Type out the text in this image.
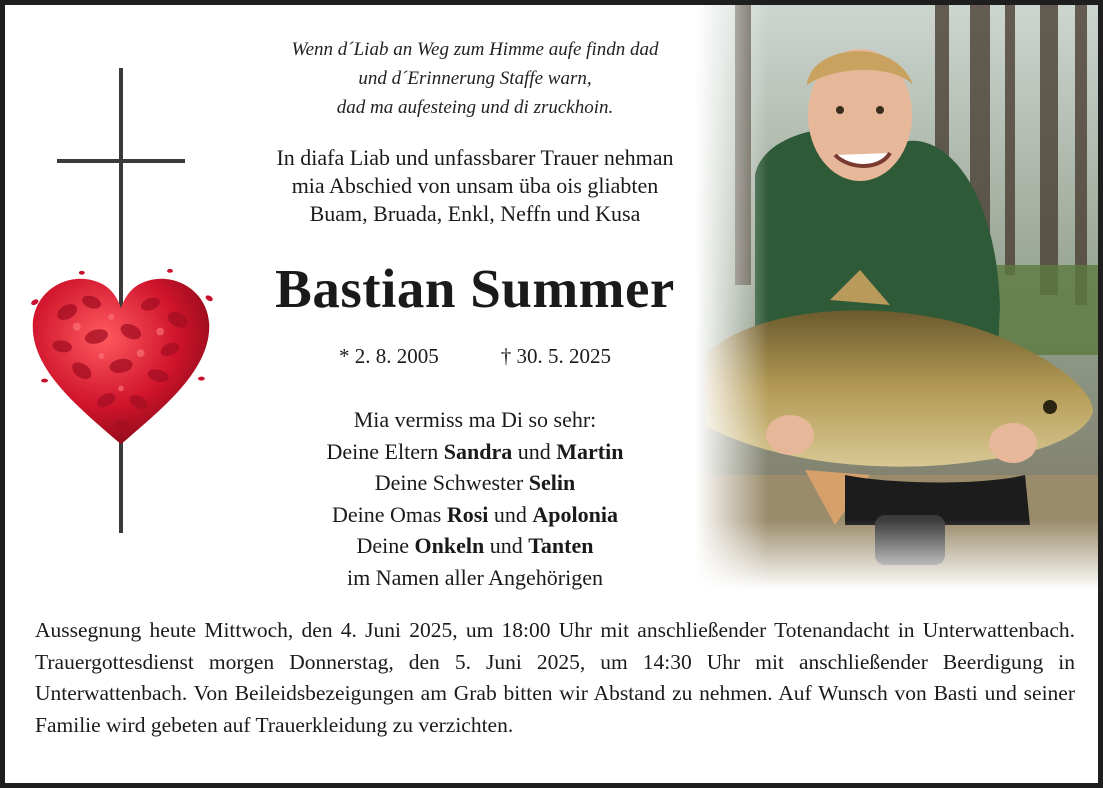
Wenn d´Liab an Weg zum Himme aufe findn dad
und d´Erinnerung Staffe warn,
dad ma aufesteing und di zruckhoin.
In diafa Liab und unfassbarer Trauer nehman
mia Abschied von unsam üba ois gliabten
Buam, Bruada, Enkl, Neffn und Kusa
Bastian Summer
* 2. 8. 2005	† 30. 5. 2025
Mia vermiss ma Di so sehr:
Deine Eltern Sandra und Martin
Deine Schwester Selin
Deine Omas Rosi und Apolonia
Deine Onkeln und Tanten
im Namen aller Angehörigen
Aussegnung heute Mittwoch, den 4. Juni 2025, um 18:00 Uhr mit anschließender Totenandacht in Unterwattenbach. Trauergottesdienst morgen Donnerstag, den 5. Juni 2025, um 14:30 Uhr mit anschließender Beerdigung in Unterwattenbach. Von Beileidsbezeigungen am Grab bitten wir Abstand zu nehmen. Auf Wunsch von Basti und seiner Familie wird gebeten auf Trauerkleidung zu verzichten.
